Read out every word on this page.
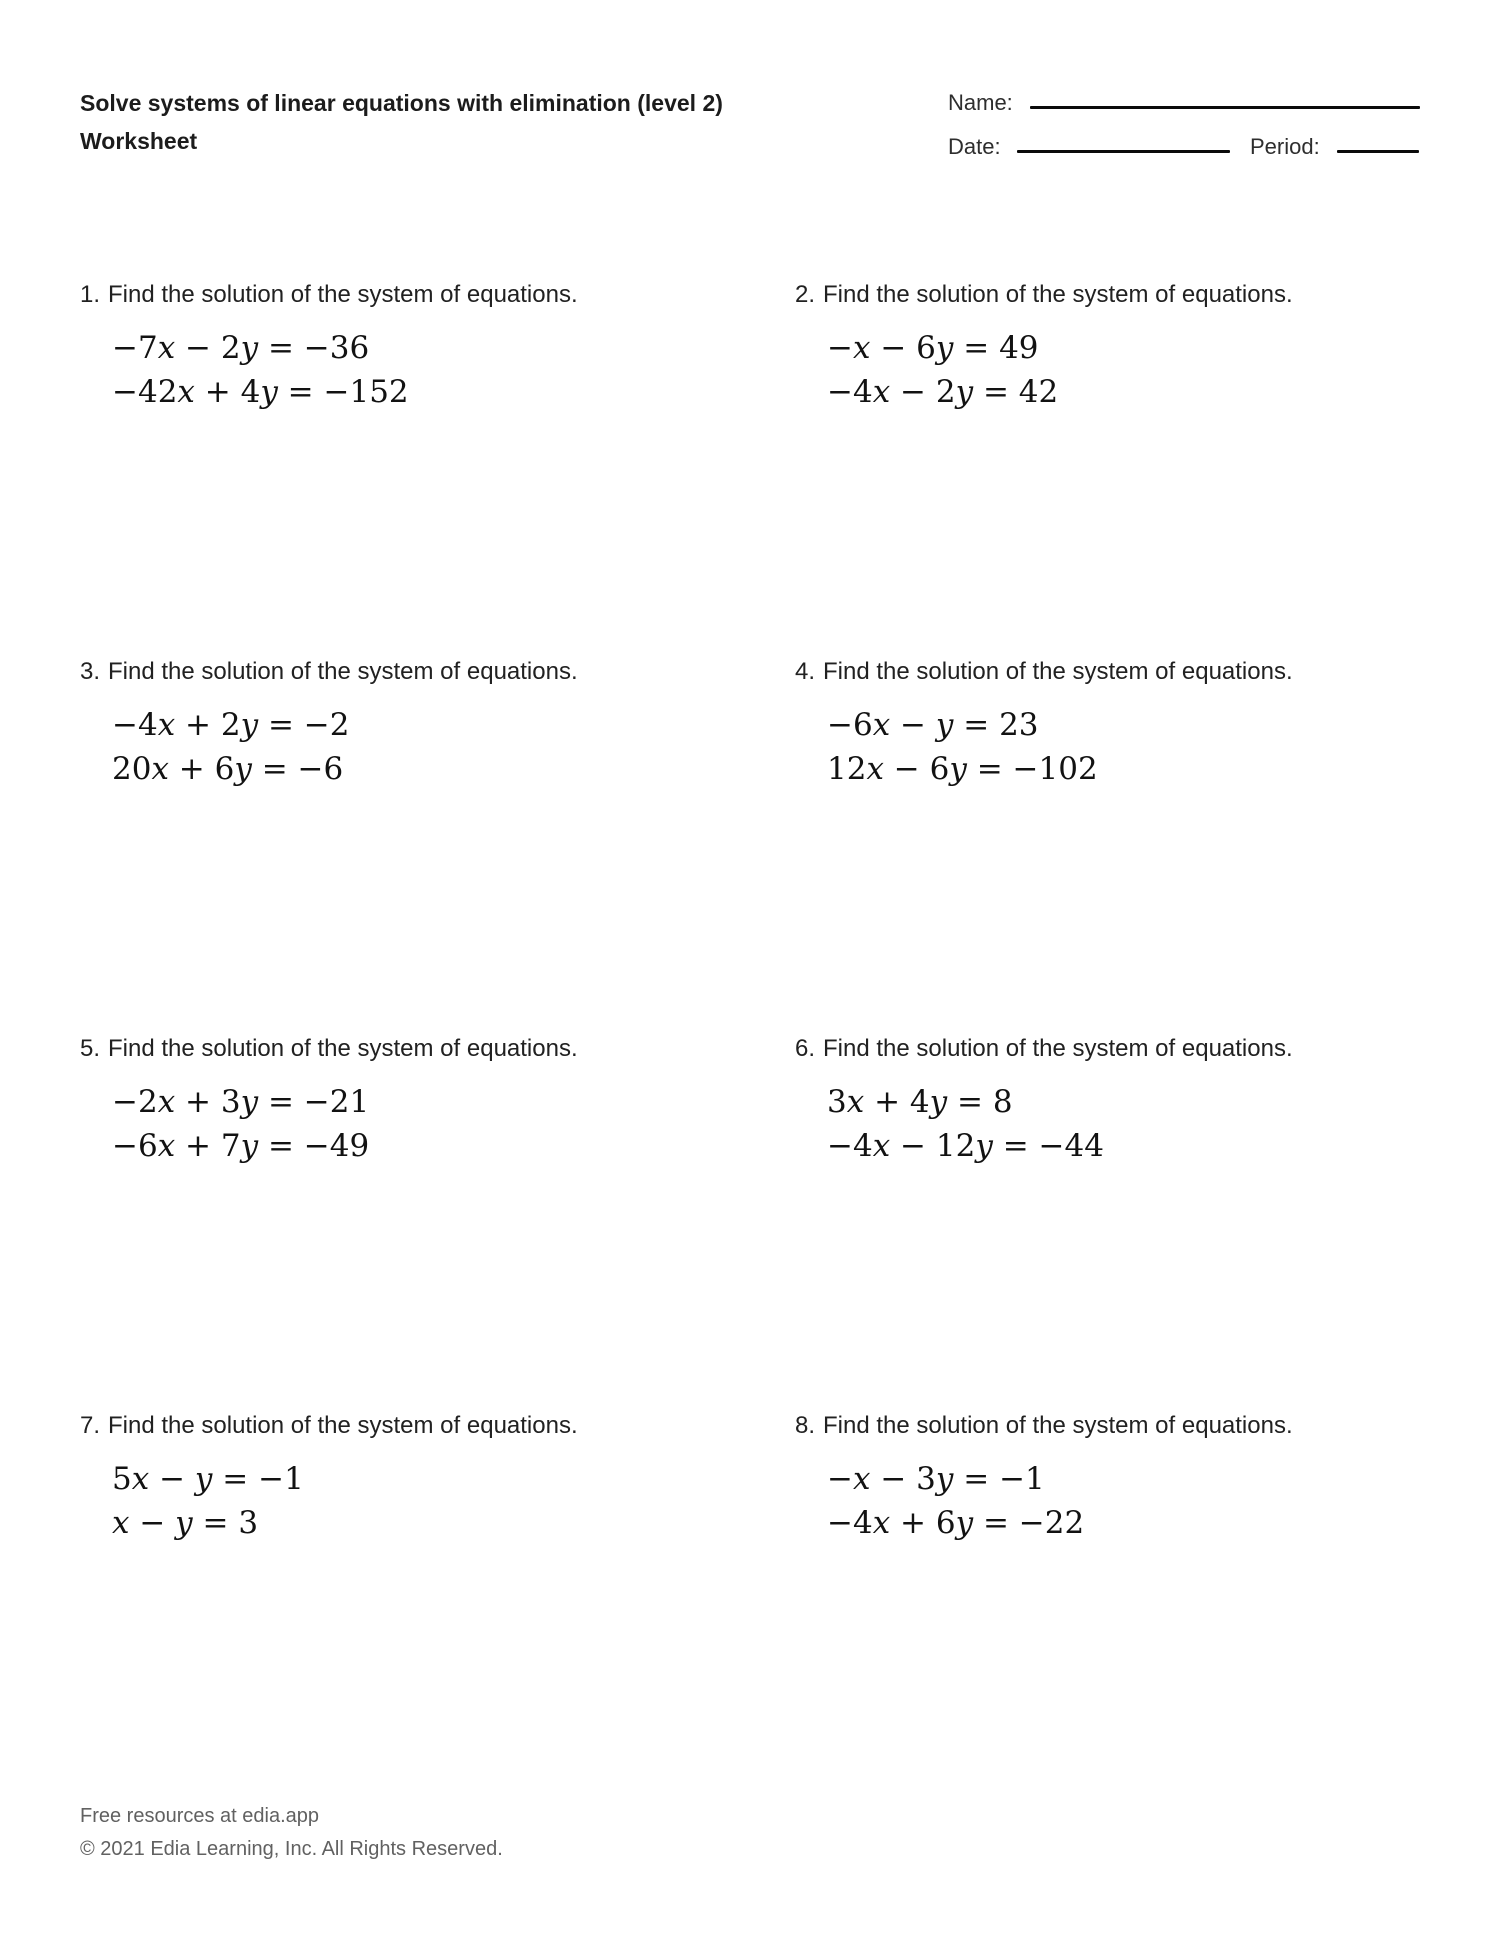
Solve systems of linear equations with elimination (level 2)
Worksheet
Name:
Date:	Period:
1. Find the solution of the system of equations.
−7x − 2y = −36
−42x + 4y = −152
2. Find the solution of the system of equations.
−x − 6y = 49
−4x − 2y = 42
3. Find the solution of the system of equations.
−4x + 2y = −2
20x + 6y = −6
4. Find the solution of the system of equations.
−6x − y = 23
12x − 6y = −102
5. Find the solution of the system of equations.
−2x + 3y = −21
−6x + 7y = −49
6. Find the solution of the system of equations.
3x + 4y = 8
−4x − 12y = −44
7. Find the solution of the system of equations.
5x − y = −1
x − y = 3
8. Find the solution of the system of equations.
−x − 3y = −1
−4x + 6y = −22
Free resources at edia.app
© 2021 Edia Learning, Inc. All Rights Reserved.
